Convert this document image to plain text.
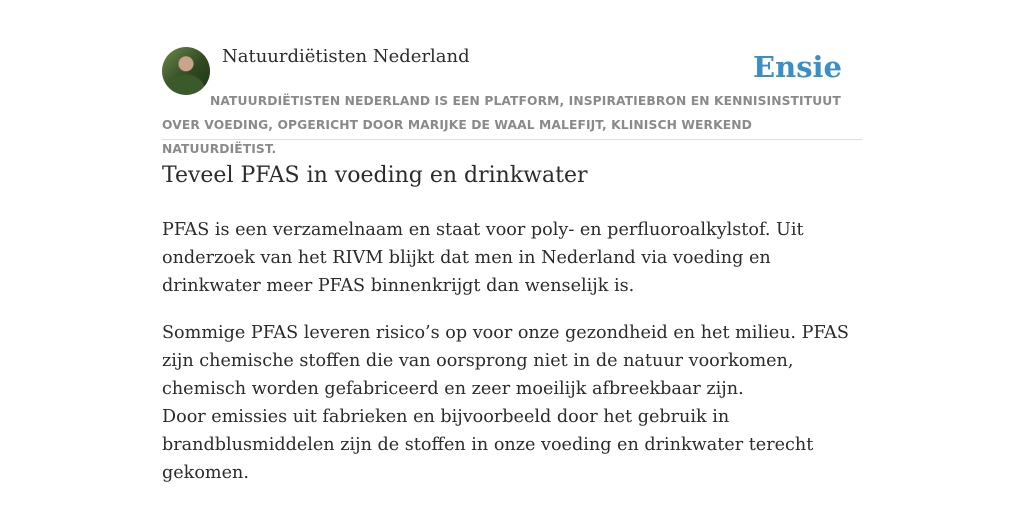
Natuurdiëtisten Nederland	Ensie
NATUURDIËTISTEN NEDERLAND IS EEN PLATFORM, INSPIRATIEBRON EN KENNISINSTITUUT OVER VOEDING, OPGERICHT DOOR MARIJKE DE WAAL MALEFIJT, KLINISCH WERKEND NATUURDIËTIST.
Teveel PFAS in voeding en drinkwater

PFAS is een verzamelnaam en staat voor poly- en perfluoroalkylstof. Uit onderzoek van het RIVM blijkt dat men in Nederland via voeding en drinkwater meer PFAS binnenkrijgt dan wenselijk is.

Sommige PFAS leveren risico’s op voor onze gezondheid en het milieu. PFAS zijn chemische stoffen die van oorsprong niet in de natuur voorkomen, chemisch worden gefabriceerd en zeer moeilijk afbreekbaar zijn.
Door emissies uit fabrieken en bijvoorbeeld door het gebruik in brandblusmiddelen zijn de stoffen in onze voeding en drinkwater terecht gekomen.
